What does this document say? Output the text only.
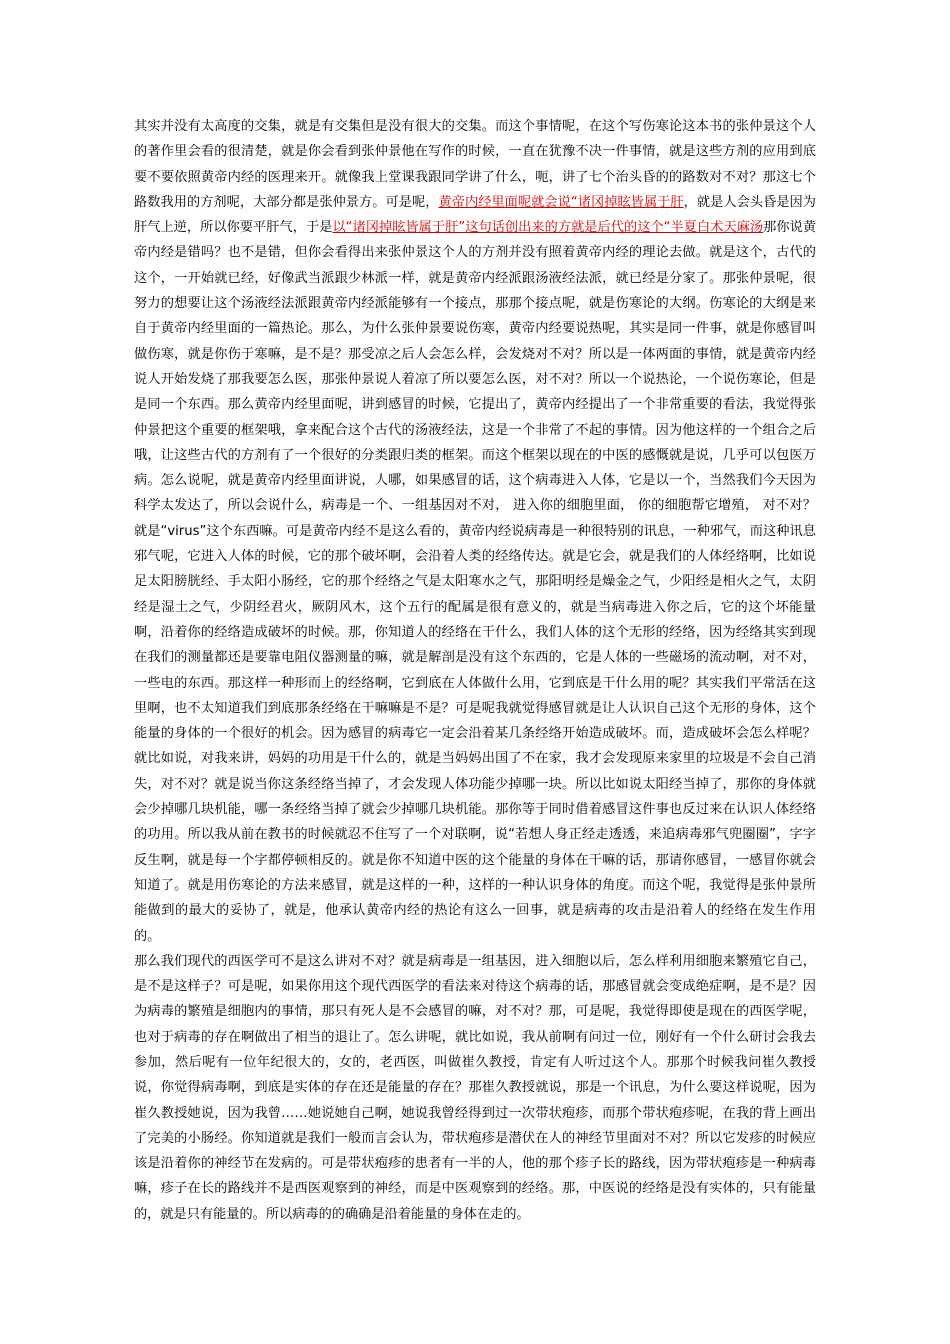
其实并没有太高度的交集，就是有交集但是没有很大的交集。而这个事情呢，在这个写伤寒论这本书的张仲景这个人的著作里会看的很清楚，就是你会看到张仲景他在写作的时候，一直在犹豫不决一件事情，就是这些方剂的应用到底要不要依照黄帝内经的医理来开。就像我上堂课我跟同学讲了什么，呃，讲了七个治头昏的的路数对不对？那这七个路数我用的方剂呢，大部分都是张仲景方。可是呢，黄帝内经里面呢就会说“诸冈掉眩皆属于肝，就是人会头昏是因为肝气上逆，所以你要平肝气，于是以“诸冈掉眩皆属于肝”这句话创出来的方就是后代的这个“半夏白术天麻汤那你说黄帝内经是错吗？也不是错，但你会看得出来张仲景这个人的方剂并没有照着黄帝内经的理论去做。就是这个，古代的这个，一开始就已经，好像武当派跟少林派一样，就是黄帝内经派跟汤液经法派，就已经是分家了。那张仲景呢，很努力的想要让这个汤液经法派跟黄帝内经派能够有一个接点，那那个接点呢，就是伤寒论的大纲。伤寒论的大纲是来自于黄帝内经里面的一篇热论。那么，为什么张仲景要说伤寒，黄帝内经要说热呢，其实是同一件事，就是你感冒叫做伤寒，就是你伤于寒嘛，是不是？那受凉之后人会怎么样，会发烧对不对？所以是一体两面的事情，就是黄帝内经说人开始发烧了那我要怎么医，那张仲景说人着凉了所以要怎么医，对不对？所以一个说热论，一个说伤寒论，但是是同一个东西。那么黄帝内经里面呢，讲到感冒的时候，它提出了，黄帝内经提出了一个非常重要的看法，我觉得张仲景把这个重要的框架哦，拿来配合这个古代的汤液经法，这是一个非常了不起的事情。因为他这样的一个组合之后哦，让这些古代的方剂有了一个很好的分类跟归类的框架。而这个框架以现在的中医的感慨就是说，几乎可以包医万病。怎么说呢，就是黄帝内经里面讲说，人哪，如果感冒的话，这个病毒进入人体，它是以一个，当然我们今天因为科学太发达了，所以会说什么，病毒是一个、一组基因对不对， 进入你的细胞里面， 你的细胞帮它增殖， 对不对？ 就是“virus”这个东西嘛。可是黄帝内经不是这么看的，黄帝内经说病毒是一种很特别的讯息，一种邪气，而这种讯息邪气呢，它进入人体的时候，它的那个破坏啊，会沿着人类的经络传达。就是它会，就是我们的人体经络啊，比如说足太阳膀胱经、手太阳小肠经，它的那个经络之气是太阳寒水之气，那阳明经是燥金之气，少阳经是相火之气，太阴经是湿土之气，少阴经君火，厥阴风木，这个五行的配属是很有意义的，就是当病毒进入你之后，它的这个坏能量啊，沿着你的经络造成破坏的时候。那，你知道人的经络在干什么，我们人体的这个无形的经络，因为经络其实到现在我们的测量都还是要靠电阻仪器测量的嘛，就是解剖是没有这个东西的，它是人体的一些磁场的流动啊，对不对，一些电的东西。那这样一种形而上的经络啊，它到底在人体做什么用，它到底是干什么用的呢？其实我们平常活在这里啊，也不太知道我们到底那条经络在干嘛嘛是不是？可是呢我就觉得感冒就是让人认识自己这个无形的身体，这个能量的身体的一个很好的机会。因为感冒的病毒它一定会沿着某几条经络开始造成破坏。而，造成破坏会怎么样呢？就比如说，对我来讲，妈妈的功用是干什么的，就是当妈妈出国了不在家，我才会发现原来家里的垃圾是不会自己消失，对不对？就是说当你这条经络当掉了，才会发现人体功能少掉哪一块。所以比如说太阳经当掉了，那你的身体就会少掉哪几块机能，哪一条经络当掉了就会少掉哪几块机能。那你等于同时借着感冒这件事也反过来在认识人体经络的功用。所以我从前在教书的时候就忍不住写了一个对联啊，说“若想人身正经走透透，来追病毒邪气兜圈圈”，字字反生啊，就是每一个字都停顿相反的。就是你不知道中医的这个能量的身体在干嘛的话，那请你感冒，一感冒你就会知道了。就是用伤寒论的方法来感冒，就是这样的一种，这样的一种认识身体的角度。而这个呢，我觉得是张仲景所能做到的最大的妥协了，就是，他承认黄帝内经的热论有这么一回事，就是病毒的攻击是沿着人的经络在发生作用的。

那么我们现代的西医学可不是这么讲对不对？就是病毒是一组基因，进入细胞以后，怎么样利用细胞来繁殖它自己，是不是这样子？可是呢，如果你用这个现代西医学的看法来对待这个病毒的话，那感冒就会变成绝症啊，是不是？因为病毒的繁殖是细胞内的事情，那只有死人是不会感冒的嘛，对不对？那，可是呢，我觉得即使是现在的西医学呢，也对于病毒的存在啊做出了相当的退让了。怎么讲呢，就比如说，我从前啊有问过一位，刚好有一个什么研讨会我去参加，然后呢有一位年纪很大的，女的，老西医，叫做崔久教授，肯定有人听过这个人。那那个时候我问崔久教授说，你觉得病毒啊，到底是实体的存在还是能量的存在？那崔久教授就说，那是一个讯息，为什么要这样说呢，因为崔久教授她说，因为我曾……她说她自己啊，她说我曾经得到过一次带状疱疹，而那个带状疱疹呢，在我的背上画出了完美的小肠经。你知道就是我们一般而言会认为，带状疱疹是潜伏在人的神经节里面对不对？所以它发疹的时候应该是沿着你的神经节在发病的。可是带状疱疹的患者有一半的人，他的那个疹子长的路线，因为带状疱疹是一种病毒嘛，疹子在长的路线并不是西医观察到的神经，而是中医观察到的经络。那，中医说的经络是没有实体的，只有能量的，就是只有能量的。所以病毒的的确确是沿着能量的身体在走的。
